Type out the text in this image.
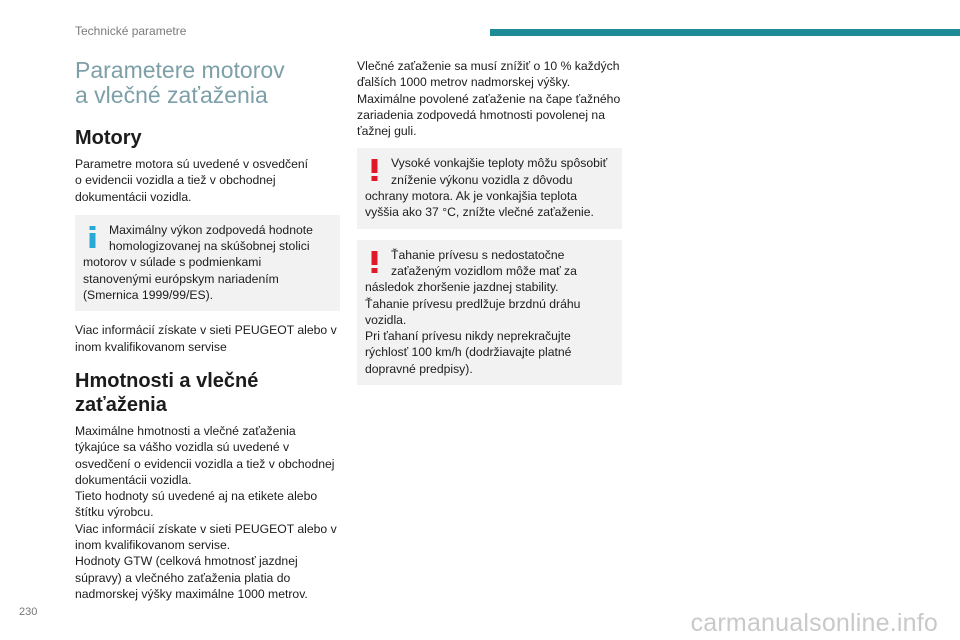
Technické parametre
Parametere motorov
a vlečné zaťaženia
Motory

Parametre motora sú uvedené v osvedčení
o evidencii vozidla a tiež v obchodnej
dokumentácii vozidla.

Maximálny výkon zodpovedá hodnote
homologizovanej na skúšobnej stolici
motorov v súlade s podmienkami
stanovenými európskym nariadením
(Smernica 1999/99/ES).

Viac informácií získate v sieti PEUGEOT alebo v
inom kvalifikovanom servise

Hmotnosti a vlečné
zaťaženia

Maximálne hmotnosti a vlečné zaťaženia
týkajúce sa vášho vozidla sú uvedené v
osvedčení o evidencii vozidla a tiež v obchodnej
dokumentácii vozidla.
Tieto hodnoty sú uvedené aj na etikete alebo
štítku výrobcu.
Viac informácií získate v sieti PEUGEOT alebo v
inom kvalifikovanom servise.
Hodnoty GTW (celková hmotnosť jazdnej
súpravy) a vlečného zaťaženia platia do
nadmorskej výšky maximálne 1000 metrov.

Vlečné zaťaženie sa musí znížiť o 10 % každých
ďalších 1000 metrov nadmorskej výšky.
Maximálne povolené zaťaženie na čape ťažného
zariadenia zodpovedá hmotnosti povolenej na
ťažnej guli.

Vysoké vonkajšie teploty môžu spôsobiť
zníženie výkonu vozidla z dôvodu
ochrany motora. Ak je vonkajšia teplota
vyššia ako 37 °C, znížte vlečné zaťaženie.
Ťahanie prívesu s nedostatočne
zaťaženým vozidlom môže mať za
následok zhoršenie jazdnej stability.
Ťahanie prívesu predlžuje brzdnú dráhu
vozidla.
Pri ťahaní prívesu nikdy neprekračujte
rýchlosť 100 km/h (dodržiavajte platné
dopravné predpisy).
230	carmanualsonline.info
